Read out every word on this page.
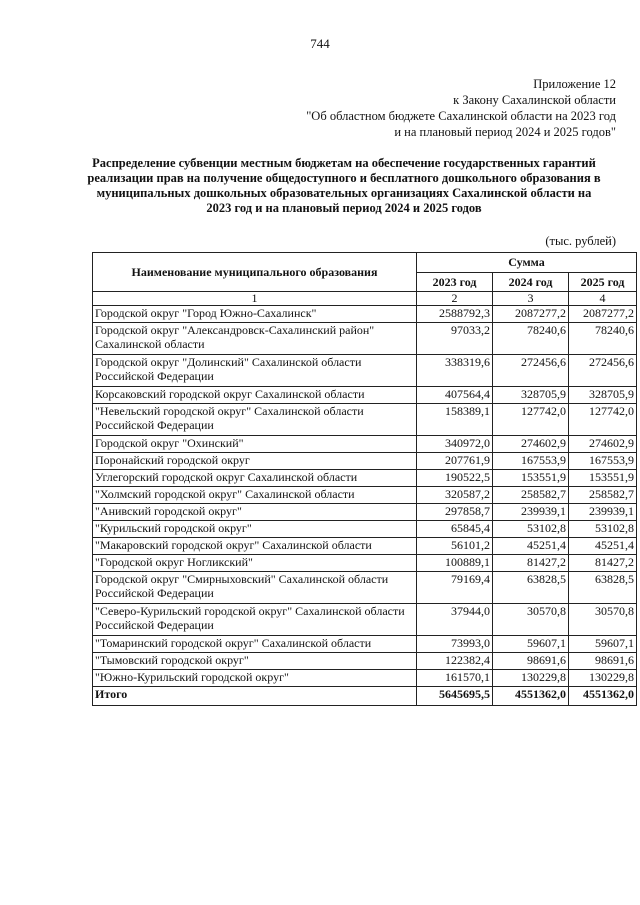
744
Приложение 12
к Закону Сахалинской области
"Об областном бюджете Сахалинской области на 2023 год
и на плановый период 2024 и 2025 годов"
Распределение субвенции местным бюджетам на обеспечение государственных гарантий реализации прав на получение общедоступного и бесплатного дошкольного образования в муниципальных дошкольных образовательных организациях Сахалинской области на 2023 год и на плановый период 2024 и 2025 годов
(тыс. рублей)
Наименование муниципального образования	Сумма		
	2023 год	2024 год	2025 год
1	2	3	4
Городской округ "Город Южно-Сахалинск"	2588792,3	2087277,2	2087277,2
Городской округ "Александровск-Сахалинский район" Сахалинской области	97033,2	78240,6	78240,6
Городской округ "Долинский" Сахалинской области Российской Федерации	338319,6	272456,6	272456,6
Корсаковский городской округ Сахалинской области	407564,4	328705,9	328705,9
"Невельский городской округ" Сахалинской области Российской Федерации	158389,1	127742,0	127742,0
Городской округ "Охинский"	340972,0	274602,9	274602,9
Поронайский городской округ	207761,9	167553,9	167553,9
Углегорский городской округ Сахалинской области	190522,5	153551,9	153551,9
"Холмский городской округ" Сахалинской области	320587,2	258582,7	258582,7
"Анивский городской округ"	297858,7	239939,1	239939,1
"Курильский городской округ"	65845,4	53102,8	53102,8
"Макаровский городской округ" Сахалинской области	56101,2	45251,4	45251,4
"Городской округ Ногликский"	100889,1	81427,2	81427,2
Городской округ "Смирныховский" Сахалинской области Российской Федерации	79169,4	63828,5	63828,5
"Северо-Курильский городской округ" Сахалинской области Российской Федерации	37944,0	30570,8	30570,8
"Томаринский городской округ" Сахалинской области	73993,0	59607,1	59607,1
"Тымовский городской округ"	122382,4	98691,6	98691,6
"Южно-Курильский городской округ"	161570,1	130229,8	130229,8
Итого	5645695,5	4551362,0	4551362,0
